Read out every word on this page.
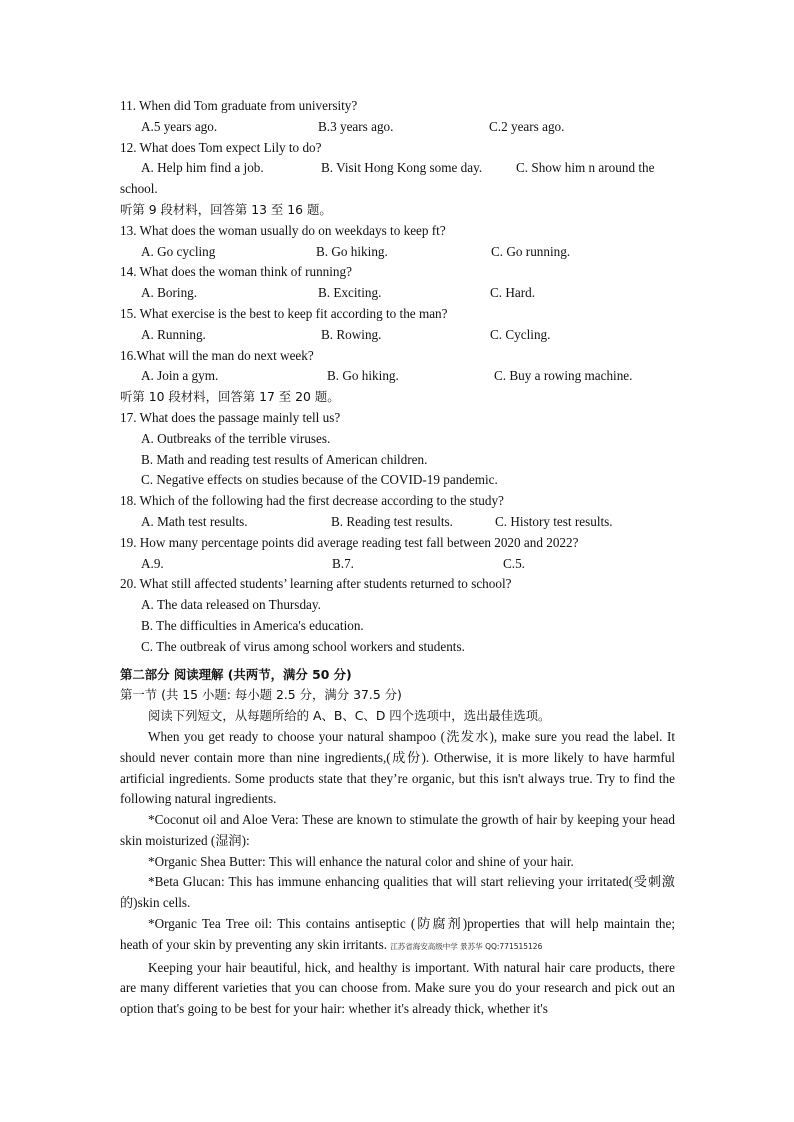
11. When did Tom graduate from university?

A.5 years ago.	B.3 years ago.	C.2 years ago.

12. What does Tom expect Lily to do?

A. Help him find a job.	B. Visit Hong Kong some day.	C. Show him n around the

school.

听第 9 段材料，回答第 13 至 16 题。

13. What does the woman usually do on weekdays to keep ft?

A. Go cycling	B. Go hiking.	C. Go running.

14. What does the woman think of running?

A. Boring.	B. Exciting.	C. Hard.

15. What exercise is the best to keep fit according to the man?

A. Running.	B. Rowing.	C. Cycling.

16.What will the man do next week?

A. Join a gym.	B. Go hiking.	C. Buy a rowing machine.

听第 10 段材料，回答第 17 至 20 题。

17. What does the passage mainly tell us?

A. Outbreaks of the terrible viruses.

B. Math and reading test results of American children.

C. Negative effects on studies because of the COVID-19 pandemic.

18. Which of the following had the first decrease according to the study?

A. Math test results.	B. Reading test results.	C. History test results.

19. How many percentage points did average reading test fall between 2020 and 2022?

A.9.	B.7.	C.5.

20. What still affected students’ learning after students returned to school?

A. The data released on Thursday.

B. The difficulties in America's education.

C. The outbreak of virus among school workers and students.

第二部分 阅读理解 (共两节，满分 50 分)

第一节 (共 15 小题: 每小题 2.5 分，满分 37.5 分)

阅读下列短文，从每题所给的 A、B、C、D 四个选项中，选出最佳选项。

When you get ready to choose your natural shampoo (洗发水), make sure you read the label. It should never contain more than nine ingredients,(成份). Otherwise, it is more likely to have harmful artificial ingredients. Some products state that they’re organic, but this isn't always true. Try to find the following natural ingredients.

*Coconut oil and Aloe Vera: These are known to stimulate the growth of hair by keeping your head skin moisturized (湿润):

*Organic Shea Butter: This will enhance the natural color and shine of your hair.

*Beta Glucan: This has immune enhancing qualities that will start relieving your irritated(受刺激的)skin cells.

*Organic Tea Tree oil: This contains antiseptic (防腐剂)properties that will help maintain the; heath of your skin by preventing any skin irritants. 江苏省海安高级中学 景苏华 QQ:771515126

Keeping your hair beautiful, hick, and healthy is important. With natural hair care products, there are many different varieties that you can choose from. Make sure you do your research and pick out an option that's going to be best for your hair: whether it's already thick, whether it's
